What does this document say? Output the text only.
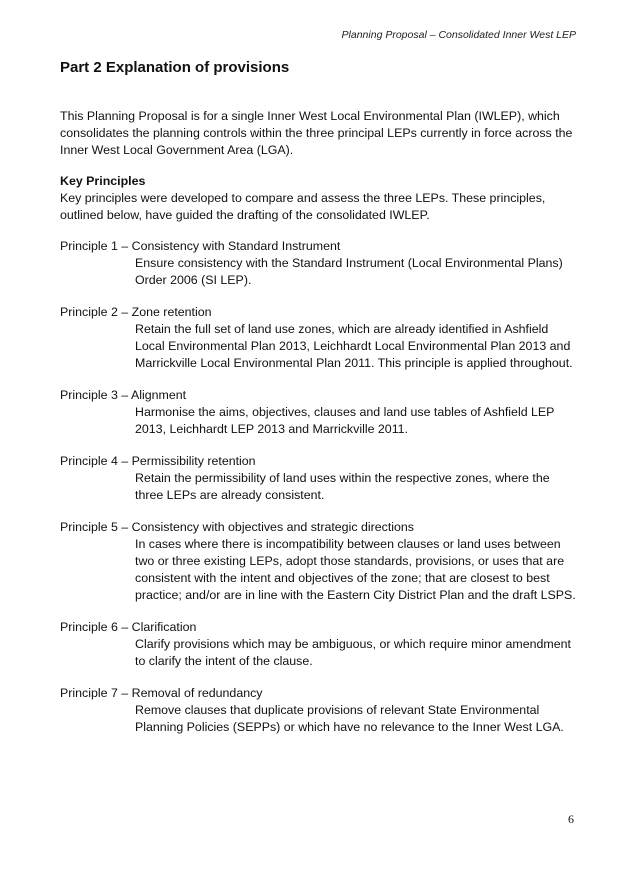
Planning Proposal – Consolidated Inner West LEP
Part 2 Explanation of provisions

This Planning Proposal is for a single Inner West Local Environmental Plan (IWLEP), which consolidates the planning controls within the three principal LEPs currently in force across the Inner West Local Government Area (LGA).

Key Principles

Key principles were developed to compare and assess the three LEPs. These principles, outlined below, have guided the drafting of the consolidated IWLEP.

Principle 1 – Consistency with Standard Instrument

Ensure consistency with the Standard Instrument (Local Environmental Plans) Order 2006 (SI LEP).

Principle 2 – Zone retention

Retain the full set of land use zones, which are already identified in Ashfield Local Environmental Plan 2013, Leichhardt Local Environmental Plan 2013 and Marrickville Local Environmental Plan 2011. This principle is applied throughout.

Principle 3 – Alignment

Harmonise the aims, objectives, clauses and land use tables of Ashfield LEP 2013, Leichhardt LEP 2013 and Marrickville 2011.

Principle 4 – Permissibility retention

Retain the permissibility of land uses within the respective zones, where the three LEPs are already consistent.

Principle 5 – Consistency with objectives and strategic directions

In cases where there is incompatibility between clauses or land uses between two or three existing LEPs, adopt those standards, provisions, or uses that are consistent with the intent and objectives of the zone; that are closest to best practice; and/or are in line with the Eastern City District Plan and the draft LSPS.

Principle 6 – Clarification

Clarify provisions which may be ambiguous, or which require minor amendment to clarify the intent of the clause.

Principle 7 – Removal of redundancy

Remove clauses that duplicate provisions of relevant State Environmental Planning Policies (SEPPs) or which have no relevance to the Inner West LGA.

6
